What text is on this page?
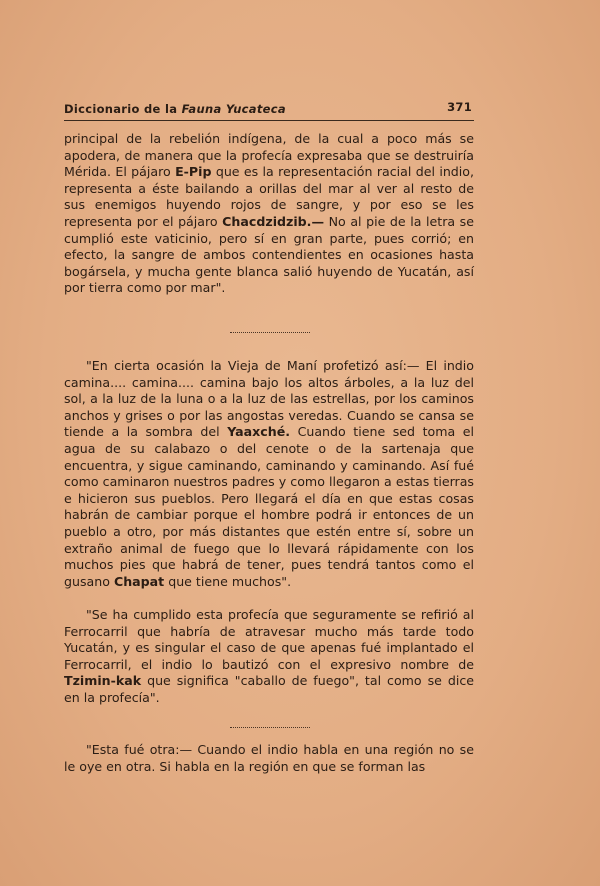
Diccionario de la Fauna Yucateca	371
principal de la rebelión indígena, de la cual a poco más se apodera, de manera que la profecía expresaba que se destruiría Mérida. El pájaro E-Pip que es la representación racial del indio, representa a éste bailando a orillas del mar al ver al resto de sus enemigos huyendo rojos de sangre, y por eso se les representa por el pájaro Chacdzidzib.— No al pie de la letra se cumplió este vaticinio, pero sí en gran parte, pues corrió; en efecto, la sangre de ambos contendientes en ocasiones hasta bogársela, y mucha gente blanca salió huyendo de Yucatán, así por tierra como por mar".
"En cierta ocasión la Vieja de Maní profetizó así:— El indio camina.... camina.... camina bajo los altos árboles, a la luz del sol, a la luz de la luna o a la luz de las estrellas, por los caminos anchos y grises o por las angostas veredas. Cuando se cansa se tiende a la sombra del Yaaxché. Cuando tiene sed toma el agua de su calabazo o del cenote o de la sartenaja que encuentra, y sigue caminando, caminando y caminando. Así fué como caminaron nuestros padres y como llegaron a estas tierras e hicieron sus pueblos. Pero llegará el día en que estas cosas habrán de cambiar porque el hombre podrá ir entonces de un pueblo a otro, por más distantes que estén entre sí, sobre un extraño animal de fuego que lo llevará rápidamente con los muchos pies que habrá de tener, pues tendrá tantos como el gusano Chapat que tiene muchos".
"Se ha cumplido esta profecía que seguramente se refirió al Ferrocarril que habría de atravesar mucho más tarde todo Yucatán, y es singular el caso de que apenas fué implantado el Ferrocarril, el indio lo bautizó con el expresivo nombre de Tzimin-kak que significa "caballo de fuego", tal como se dice en la profecía".
"Esta fué otra:— Cuando el indio habla en una región no se le oye en otra. Si habla en la región en que se forman las
